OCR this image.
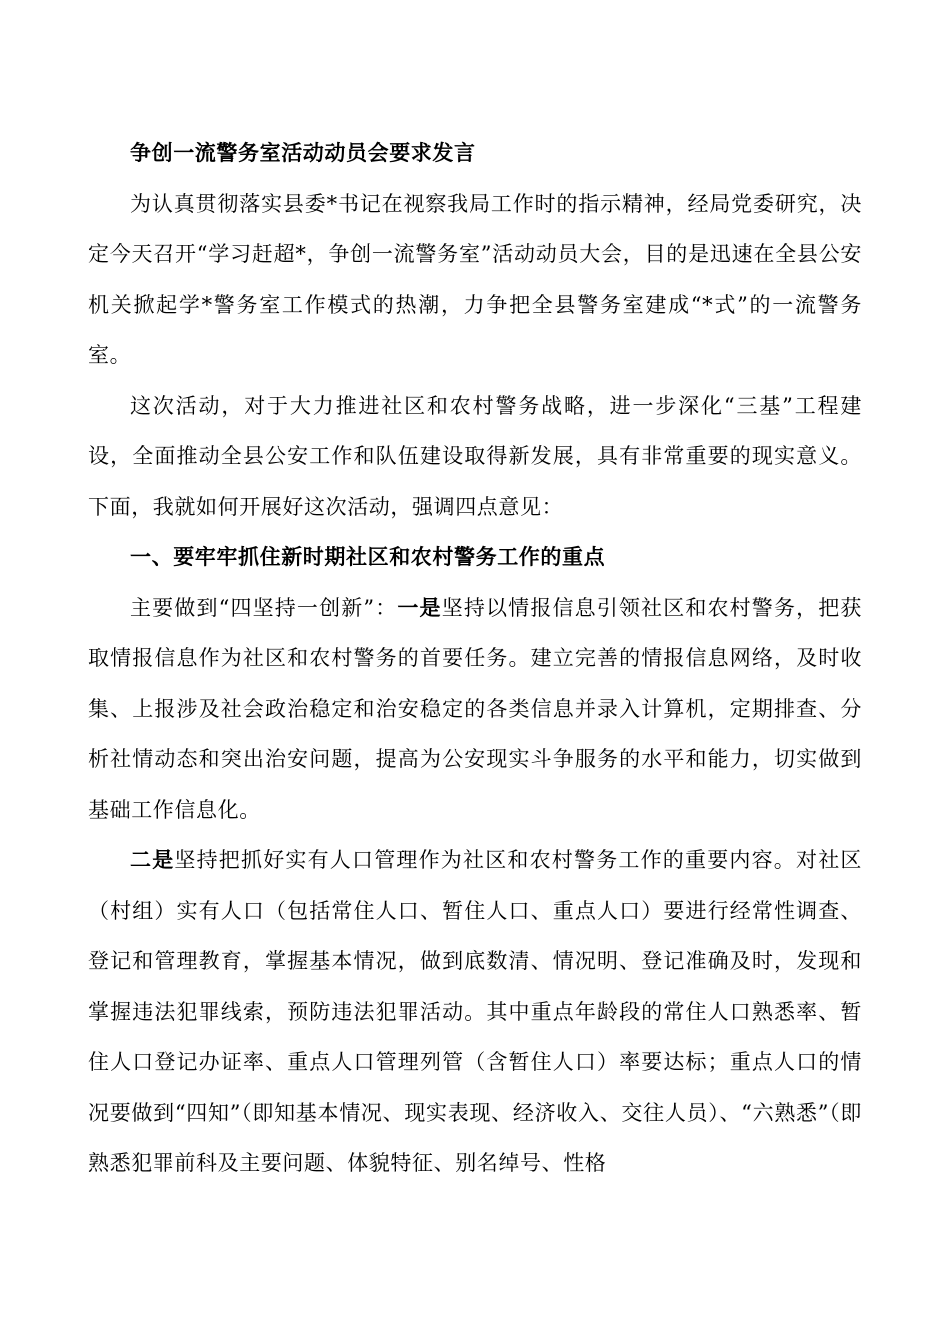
争创一流警务室活动动员会要求发言

为认真贯彻落实县委*书记在视察我局工作时的指示精神，经局党委研究，决定今天召开“学习赶超*，争创一流警务室”活动动员大会，目的是迅速在全县公安机关掀起学*警务室工作模式的热潮，力争把全县警务室建成“*式”的一流警务室。

这次活动，对于大力推进社区和农村警务战略，进一步深化“三基”工程建设，全面推动全县公安工作和队伍建设取得新发展，具有非常重要的现实意义。下面，我就如何开展好这次活动，强调四点意见：

一、要牢牢抓住新时期社区和农村警务工作的重点

主要做到“四坚持一创新”：一是坚持以情报信息引领社区和农村警务，把获取情报信息作为社区和农村警务的首要任务。建立完善的情报信息网络，及时收集、上报涉及社会政治稳定和治安稳定的各类信息并录入计算机，定期排查、分析社情动态和突出治安问题，提高为公安现实斗争服务的水平和能力，切实做到基础工作信息化。

二是坚持把抓好实有人口管理作为社区和农村警务工作的重要内容。对社区（村组）实有人口（包括常住人口、暂住人口、重点人口）要进行经常性调查、登记和管理教育，掌握基本情况，做到底数清、情况明、登记准确及时，发现和掌握违法犯罪线索，预防违法犯罪活动。其中重点年龄段的常住人口熟悉率、暂住人口登记办证率、重点人口管理列管（含暂住人口）率要达标；重点人口的情况要做到“四知”（即知基本情况、现实表现、经济收入、交往人员）、“六熟悉”（即熟悉犯罪前科及主要问题、体貌特征、别名绰号、性格
